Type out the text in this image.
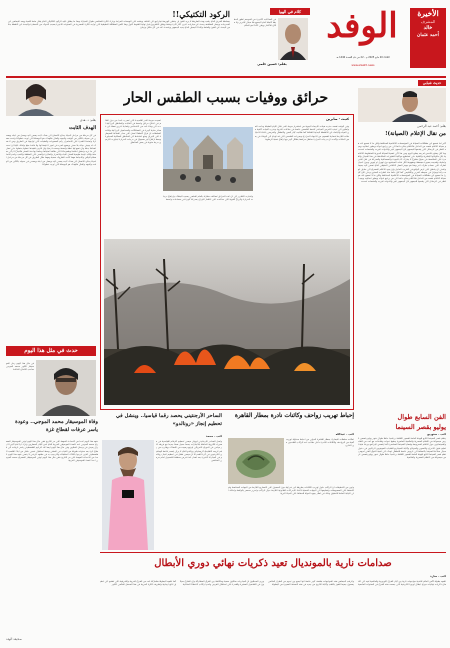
الوفد	الأخيرة
المشرف
خالد
أحمد عثمان
الثلاثاء 20 مايو 2025 م - 22 من ذي القعدة 1446 هـ
www.alwafd.news
الركود التكتيكي!!
ببساطة الفريق الذي يلعب بهذه الطريقة لا يريد الفوز بل يخشى الهزيمة فيتراجع الى الخلف ويعتمد على الهجمات المرتدة ويترك الكرة للمنافس طوال المباراة وهذا ما يطلق عليه الركود التكتيكي الذي يقتل متعة اللعبة ويبعد الجماهير عن المدرجات ويجعل المشاهد يبحث عن مباريات اخرى اكثر اثارة ومتعة ويغلق التلفزيون قبل نهاية الشوط الاول وهنا تكمن المشكلة الحقيقية التي تواجه الكرة المصرية في السنوات الاخيرة بسبب الخوف من الخسارة والبحث عن النقطة بدلا من البحث عن الفوز والمتعة والاداء الجميل الذي يحبه الجمهور ويتحدث عنه في كل مكان وزمان
كلام في الهوا
فى الساعات الأخيرة من الموسم تظهر الحقيقة كاملة أمام الجميع فلا مجال للتبرير ولا مكان للأعذار ويبقى الأداء هو الحكم
بقلم: حسين حلمي
حديث شبابي
بقلم: أحمد عبد الرحمن
من نقال الإعلام (الصيانة)!
كثيرا ما نسمع عن مشكلات الصيانة في المؤسسات الاعلامية المختلفة ولكن ما لا نسمع عنه هو صيانة الاعلام نفسه من الداخل فالاعلام يحتاج دائما الى من يراجع ادواته ويطور اساليبه ويعيد النظر في الرسائل التي يقدمها للجمهور لان الجمهور تغير والادوات تغيرت والمنصات تعددت وما كان يصلح بالامس لم يعد يصلح اليوم ومن هنا تأتي اهمية الصيانة الدورية للمنظومة الاعلامية بكل مكوناتها البشرية والتقنية حتى تستطيع مواكبة التطورات المتلاحقة في هذا المجال والقدرة على المنافسة في سوق مفتوح لا يعترف الا بالجودة والمصداقية والسرعة في نقل الخبر وتحليله وتقديمه بصورة مبسطة ومفهومة لكل فئات المجتمع دون تهويل او تهوين ودون انحياز لطرف على حساب طرف اخر وهذا هو جوهر العمل الاعلامي الحقيقي الذي نسعى اليه جميعا ونتمنى ان يتحقق على ارض الواقع في القريب العاجل وان يعود الاعلام المصري الى سابق عهده رائدا ومؤثرا في محيطه العربي والاقليمي كما كان دائما منذ عشرات السنين وحتى الان كثيرا ما نسمع عن مشكلات الصيانة في المؤسسات الاعلامية المختلفة ولكن ما لا نسمع عنه هو صيانة الاعلام نفسه من الداخل فالاعلام يحتاج دائما الى من يراجع ادواته ويطور اساليبه ويعيد النظر في الرسائل التي يقدمها للجمهور لان الجمهور تغير والادوات تغيرت والمنصات تعددت
بقلم: د. هدى
الهدف الثابت
في كل مرحلة من مراحل الحياة يحتاج الانسان الى هدف ثابت يسعى اليه ويعمل من اجله ويضحي في سبيله بالكثير من الوقت والجهد والمال فالهدف هو البوصلة التي توجه خطواتنا وتحدد مسارنا وتمنحنا القدرة على الاستمرار رغم الصعوبات والعقبات التي تواجهنا في الطريق ومن لا هدف له يعيش حياته بلا معنى ويضيع عمره في امور لا قيمة لها ولا فائدة منها ولذلك علينا ان نحدد اهدافنا بدقة وان نضع لها خطة واضحة ومحددة زمنيا وان نلتزم بتنفيذها خطوة بخطوة حتى نصل الى ما نريد ونحقق احلامنا وطموحاتنا التي طالما تمنيناها وحلمنا بها منذ الصغر فالنجاح لا يأتي صدفة ولكنه نتيجة طبيعية للعمل الجاد والاصرار والمثابرة والصبر على المشقة والتعب وعدم الاستسلام لليأس والاحباط مهما كانت الظروف صعبة ومهما طال الطريق في كل مرحلة من مراحل الحياة يحتاج الانسان الى هدف ثابت يسعى اليه ويعمل من اجله ويضحي في سبيله بالكثير من الوقت والجهد والمال فالهدف هو البوصلة التي توجه خطواتنا
حرائق ووفيات بسبب الطقس الحار
كتبت - صابرين
تسببت موجة الحر الشديدة التي تضرب عددا من دول العالم في اندلاع حرائق واسعة في الغابات والمناطق الزراعية ادت الى وفاة عدد من الاشخاص واصابة اخرين فضلا عن خسائر مادية كبيرة في الممتلكات والمحاصيل الزراعية وقالت السلطات ان فرق الاطفاء تعمل على مدار الساعة للسيطرة على النيران ومنع امتدادها الى المناطق السكنية المجاورة وسط ارتفاع غير مسبوق في درجات الحرارة تجاوزت الاربعين درجة مئوية في بعض المناطق
وفي الوقت نفسه حذرت هيئات الارصاد الجوية من استمرار موجة الحر خلال الايام المقبلة ودعت المواطنين الى تجنب التعرض المباشر لاشعة الشمس خاصة في ساعات الذروة وشرب كميات كافية من المياه والابتعاد عن الانشطة البدنية الشاقة كما طالبت كبار السن والاطفال والمرضى باتخاذ الاحتياطات اللازمة لحماية انفسهم من الاجهاد الحراري وضربات الشمس التي قد تؤدي الى الوفاة في بعض الحالات واكدت ان درجات الحرارة ستظل مرتفعة بشكل كبير مع ارتفاع نسبة الرطوبة
واشارت التقارير الى ان عدد الحرائق تضاعف مقارنة بالعام الماضي بسبب الجفاف وارتفاع درجات الحرارة والرياح القوية التي ساعدت على انتشار النيران بسرعة كبيرة في مساحات واسعة
حدث في مثل هذا اليوم
في مثل هذا اليوم رحل الموسيقار الكبير محمد الموجي صاحب الالحان الخالدة
وفاة الموسيقار محمد الموجي.. وعودة ياسر عرفات لقطاع غزة
شهد هذا اليوم عددا من الاحداث المهمة على مر التاريخ ففي مثل هذا اليوم توفي الموسيقار المصري محمد الموجي احد اعمدة الموسيقى العربية الذي لحن لكبار المطربين وترك ارثا فنيا كبيرا لا يزال يعيش في وجدان الملايين وفي مثل هذا اليوم ايضا عاد الزعيم الفلسطيني ياسر عرفات الى قطاع غزة بعد سنوات طويلة من الغياب في المنفى وسط استقبال شعبي حافل من ابناء الشعب الفلسطيني الذين خرجوا بالالاف لاستقباله والترحيب به في مشهد تاريخي لا ينسى شهد هذا اليوم عددا من الاحداث المهمة على مر التاريخ ففي مثل هذا اليوم توفي الموسيقار المصري محمد الموجي احد اعمدة الموسيقى العربية
الساحر الأرجنتيني يحصد رقما قياسيا.. وينشل في تحطيم إنجاز «رونالدو»
كتب - محمد
واصل الساحر الارجنتيني ليونيل ميسي تحطيم الارقام القياسية في مسيرته الكروية الحافلة بالانجازات بعدما سجل هدفا جديدا مع فريقه انتر ميامي في الدوري الامريكي ليرفع رصيده من الاهداف ويقترب من رقم غريمه التقليدي كريستيانو رونالدو الذي لا يزال يتصدر قائمة الهدافين التاريخيين في كرة القدم الا ان ميسي فشل في تحطيم انجاز رونالدو في المباراة الاخيرة بعد اهدار عدة فرص محققة للتسجيل امام مرمى المنافس
إحباط تهريب زواحف وكائنات نادرة بمطار القاهرة
كتب - عبدالله
تمكنت سلطات الجمارك بمطار القاهرة الدولي من احباط محاولة تهريب كمية من الزواحف والكائنات النادرة داخل حقائب احد الركاب القادمين من الخارج
وتبين من التحقيقات ان الراكب حاول تهريب الكائنات بطريقة غير شرعية دون الحصول على التصاريح اللازمة من الجهات المختصة وتم التحفظ على المضبوطات وتسليمها الى الجهات المعنية لاتخاذ الاجراءات القانونية اللازمة حيال الراكب وتحرير محضر بالواقعة واحالته الى النيابة العامة للتحقيق وذلك في اطار جهود الدولة للحفاظ على الحياة البرية
الفن السابع طوال
يوليو بقصر السينما
كتب - ستوديو
ينظم قصر السينما التابع للهيئة العامة لقصور الثقافة برنامجا حافلا طوال شهر يوليو يتضمن عرض مجموعة من الافلام المصرية والعالمية المتميزة يعقبها ندوات ونقاشات مع عدد من النقاد والسينمائيين حول الافلام المعروضة وقضايا السينما المعاصرة كما يتضمن البرنامج ورشا فنية لتعليم فنون الاخراج والتصوير والمونتاج وكتابة السيناريو للشباب الموهوبين الراغبين في دخول مجال صناعة السينما بالاضافة الى عروض خاصة للاطفال تهدف الى تنمية الذوق الفني لديهم ينظم قصر السينما التابع للهيئة العامة لقصور الثقافة برنامجا حافلا طوال شهر يوليو يتضمن عرض مجموعة من الافلام المصرية والعالمية
صدامات نارية بالمونديال تعيد ذكريات نهائي دوري الأبطال
كتب - سارة
تشهد بطولة كأس العالم للاندية مواجهات نارية بين كبار الفرق الاوروبية والعالمية تعيد الى الاذهان ذكريات نهائيات دوري ابطال اوروبا التاريخية التي جمعت هذه الفرق في السنوات الماضية
وتترقب الجماهير هذه المواجهات بشغف كبير خاصة انها تجمع بين نجوم من الطراز العالمي يسعون جميعا للفوز باللقب وكتابة التاريخ من جديد في هذه النسخة المميزة من البطولة
ويرى المحللون ان المباريات ستكون صعبة ومتكافئة بين الفرق المشاركة وان الفارق سيكون في التفاصيل الصغيرة والقدرة على استغلال الفرص وعدم ارتكاب الاخطاء الدفاعية
كما تشهد البطولة مشاركة عدد من الفرق العربية والافريقية التي تطمح الى تحقيق نتائج ايجابية وتشريف الكرة العربية في هذا المحفل العالمي الكبير
صحيفة الوفد
